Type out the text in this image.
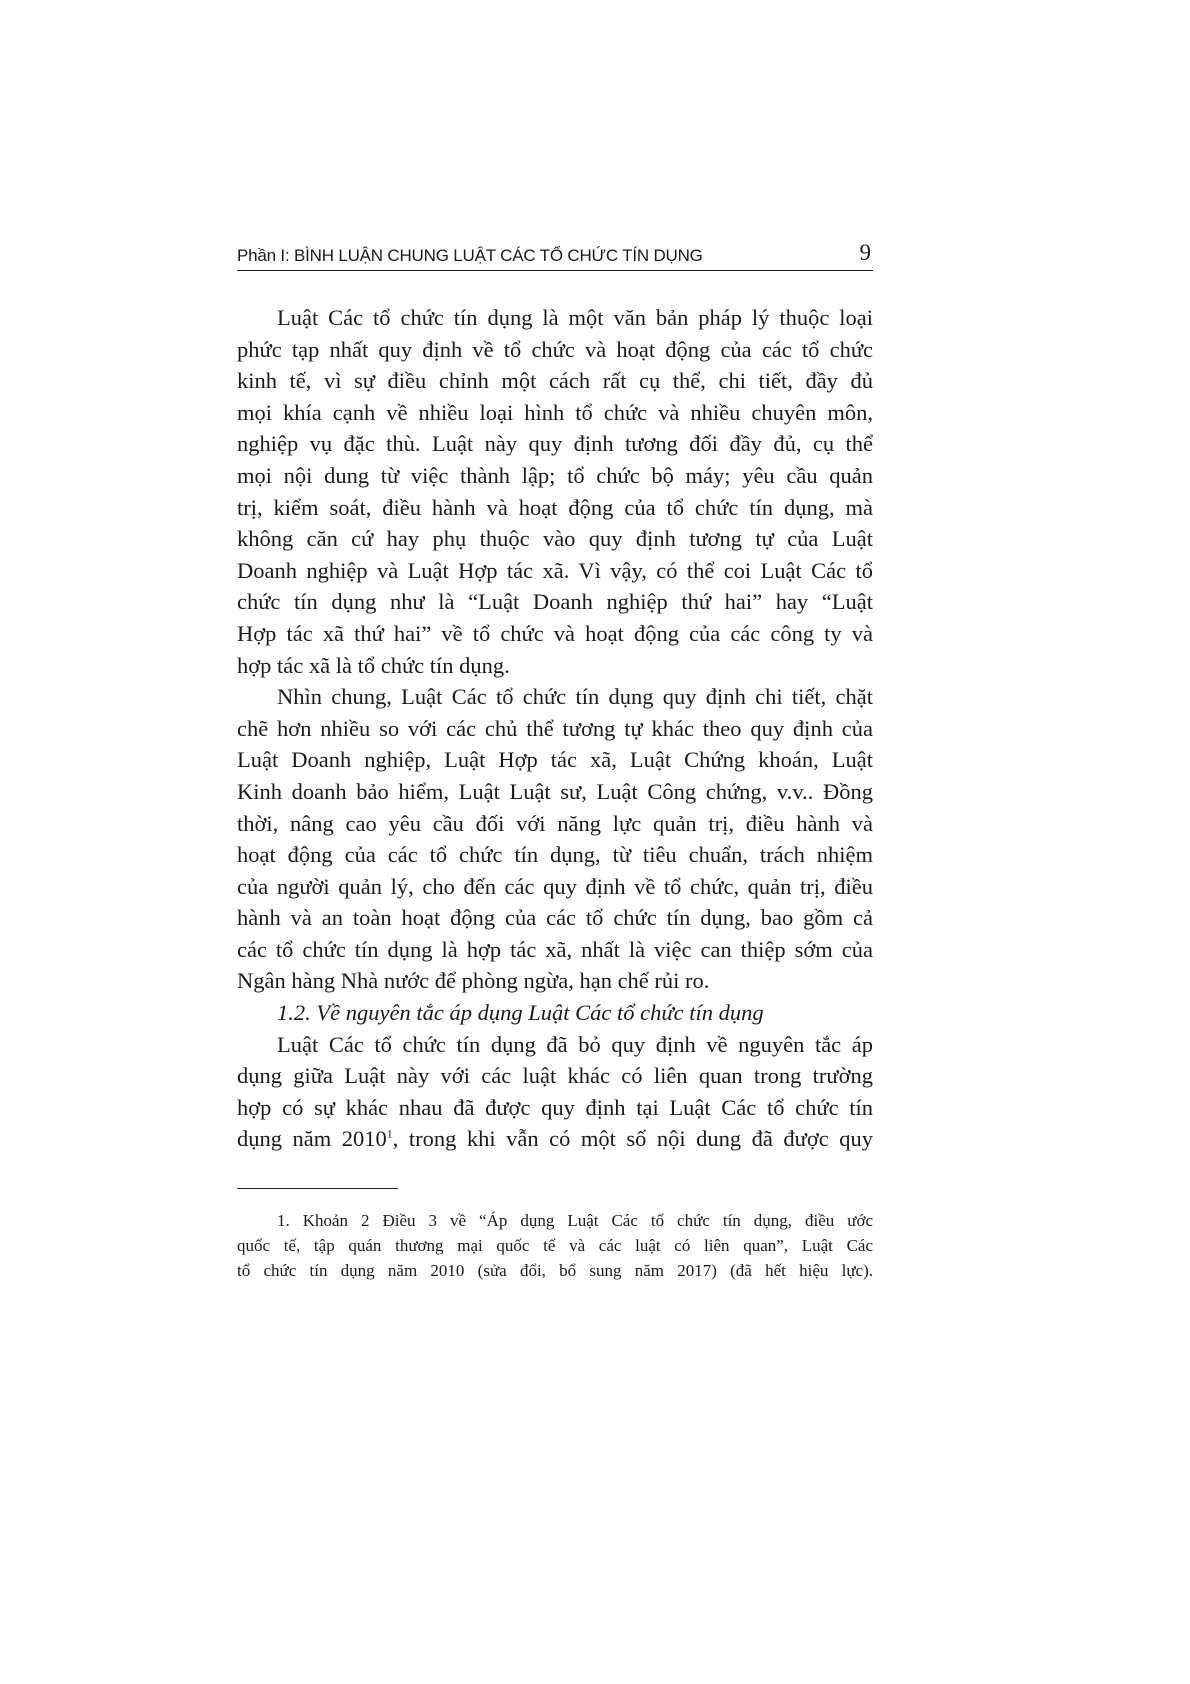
Phần I: BÌNH LUẬN CHUNG LUẬT CÁC TỔ CHỨC TÍN DỤNG	9
Luật Các tổ chức tín dụng là một văn bản pháp lý thuộc loại
phức tạp nhất quy định về tổ chức và hoạt động của các tổ chức
kinh tế, vì sự điều chỉnh một cách rất cụ thể, chi tiết, đầy đủ
mọi khía cạnh về nhiều loại hình tổ chức và nhiều chuyên môn,
nghiệp vụ đặc thù. Luật này quy định tương đối đầy đủ, cụ thể
mọi nội dung từ việc thành lập; tổ chức bộ máy; yêu cầu quản
trị, kiểm soát, điều hành và hoạt động của tổ chức tín dụng, mà
không căn cứ hay phụ thuộc vào quy định tương tự của Luật
Doanh nghiệp và Luật Hợp tác xã. Vì vậy, có thể coi Luật Các tổ
chức tín dụng như là “Luật Doanh nghiệp thứ hai” hay “Luật
Hợp tác xã thứ hai” về tổ chức và hoạt động của các công ty và
hợp tác xã là tổ chức tín dụng.
Nhìn chung, Luật Các tổ chức tín dụng quy định chi tiết, chặt
chẽ hơn nhiều so với các chủ thể tương tự khác theo quy định của
Luật Doanh nghiệp, Luật Hợp tác xã, Luật Chứng khoán, Luật
Kinh doanh bảo hiểm, Luật Luật sư, Luật Công chứng, v.v.. Đồng
thời, nâng cao yêu cầu đối với năng lực quản trị, điều hành và
hoạt động của các tổ chức tín dụng, từ tiêu chuẩn, trách nhiệm
của người quản lý, cho đến các quy định về tổ chức, quản trị, điều
hành và an toàn hoạt động của các tổ chức tín dụng, bao gồm cả
các tổ chức tín dụng là hợp tác xã, nhất là việc can thiệp sớm của
Ngân hàng Nhà nước để phòng ngừa, hạn chế rủi ro.
1.2. Về nguyên tắc áp dụng Luật Các tổ chức tín dụng
Luật Các tổ chức tín dụng đã bỏ quy định về nguyên tắc áp
dụng giữa Luật này với các luật khác có liên quan trong trường
hợp có sự khác nhau đã được quy định tại Luật Các tổ chức tín
dụng năm 2010$^1$, trong khi vẫn có một số nội dung đã được quy
1. Khoản 2 Điều 3 về “Áp dụng Luật Các tổ chức tín dụng, điều ước
quốc tế, tập quán thương mại quốc tế và các luật có liên quan”, Luật Các
tổ chức tín dụng năm 2010 (sửa đổi, bổ sung năm 2017) (đã hết hiệu lực).
